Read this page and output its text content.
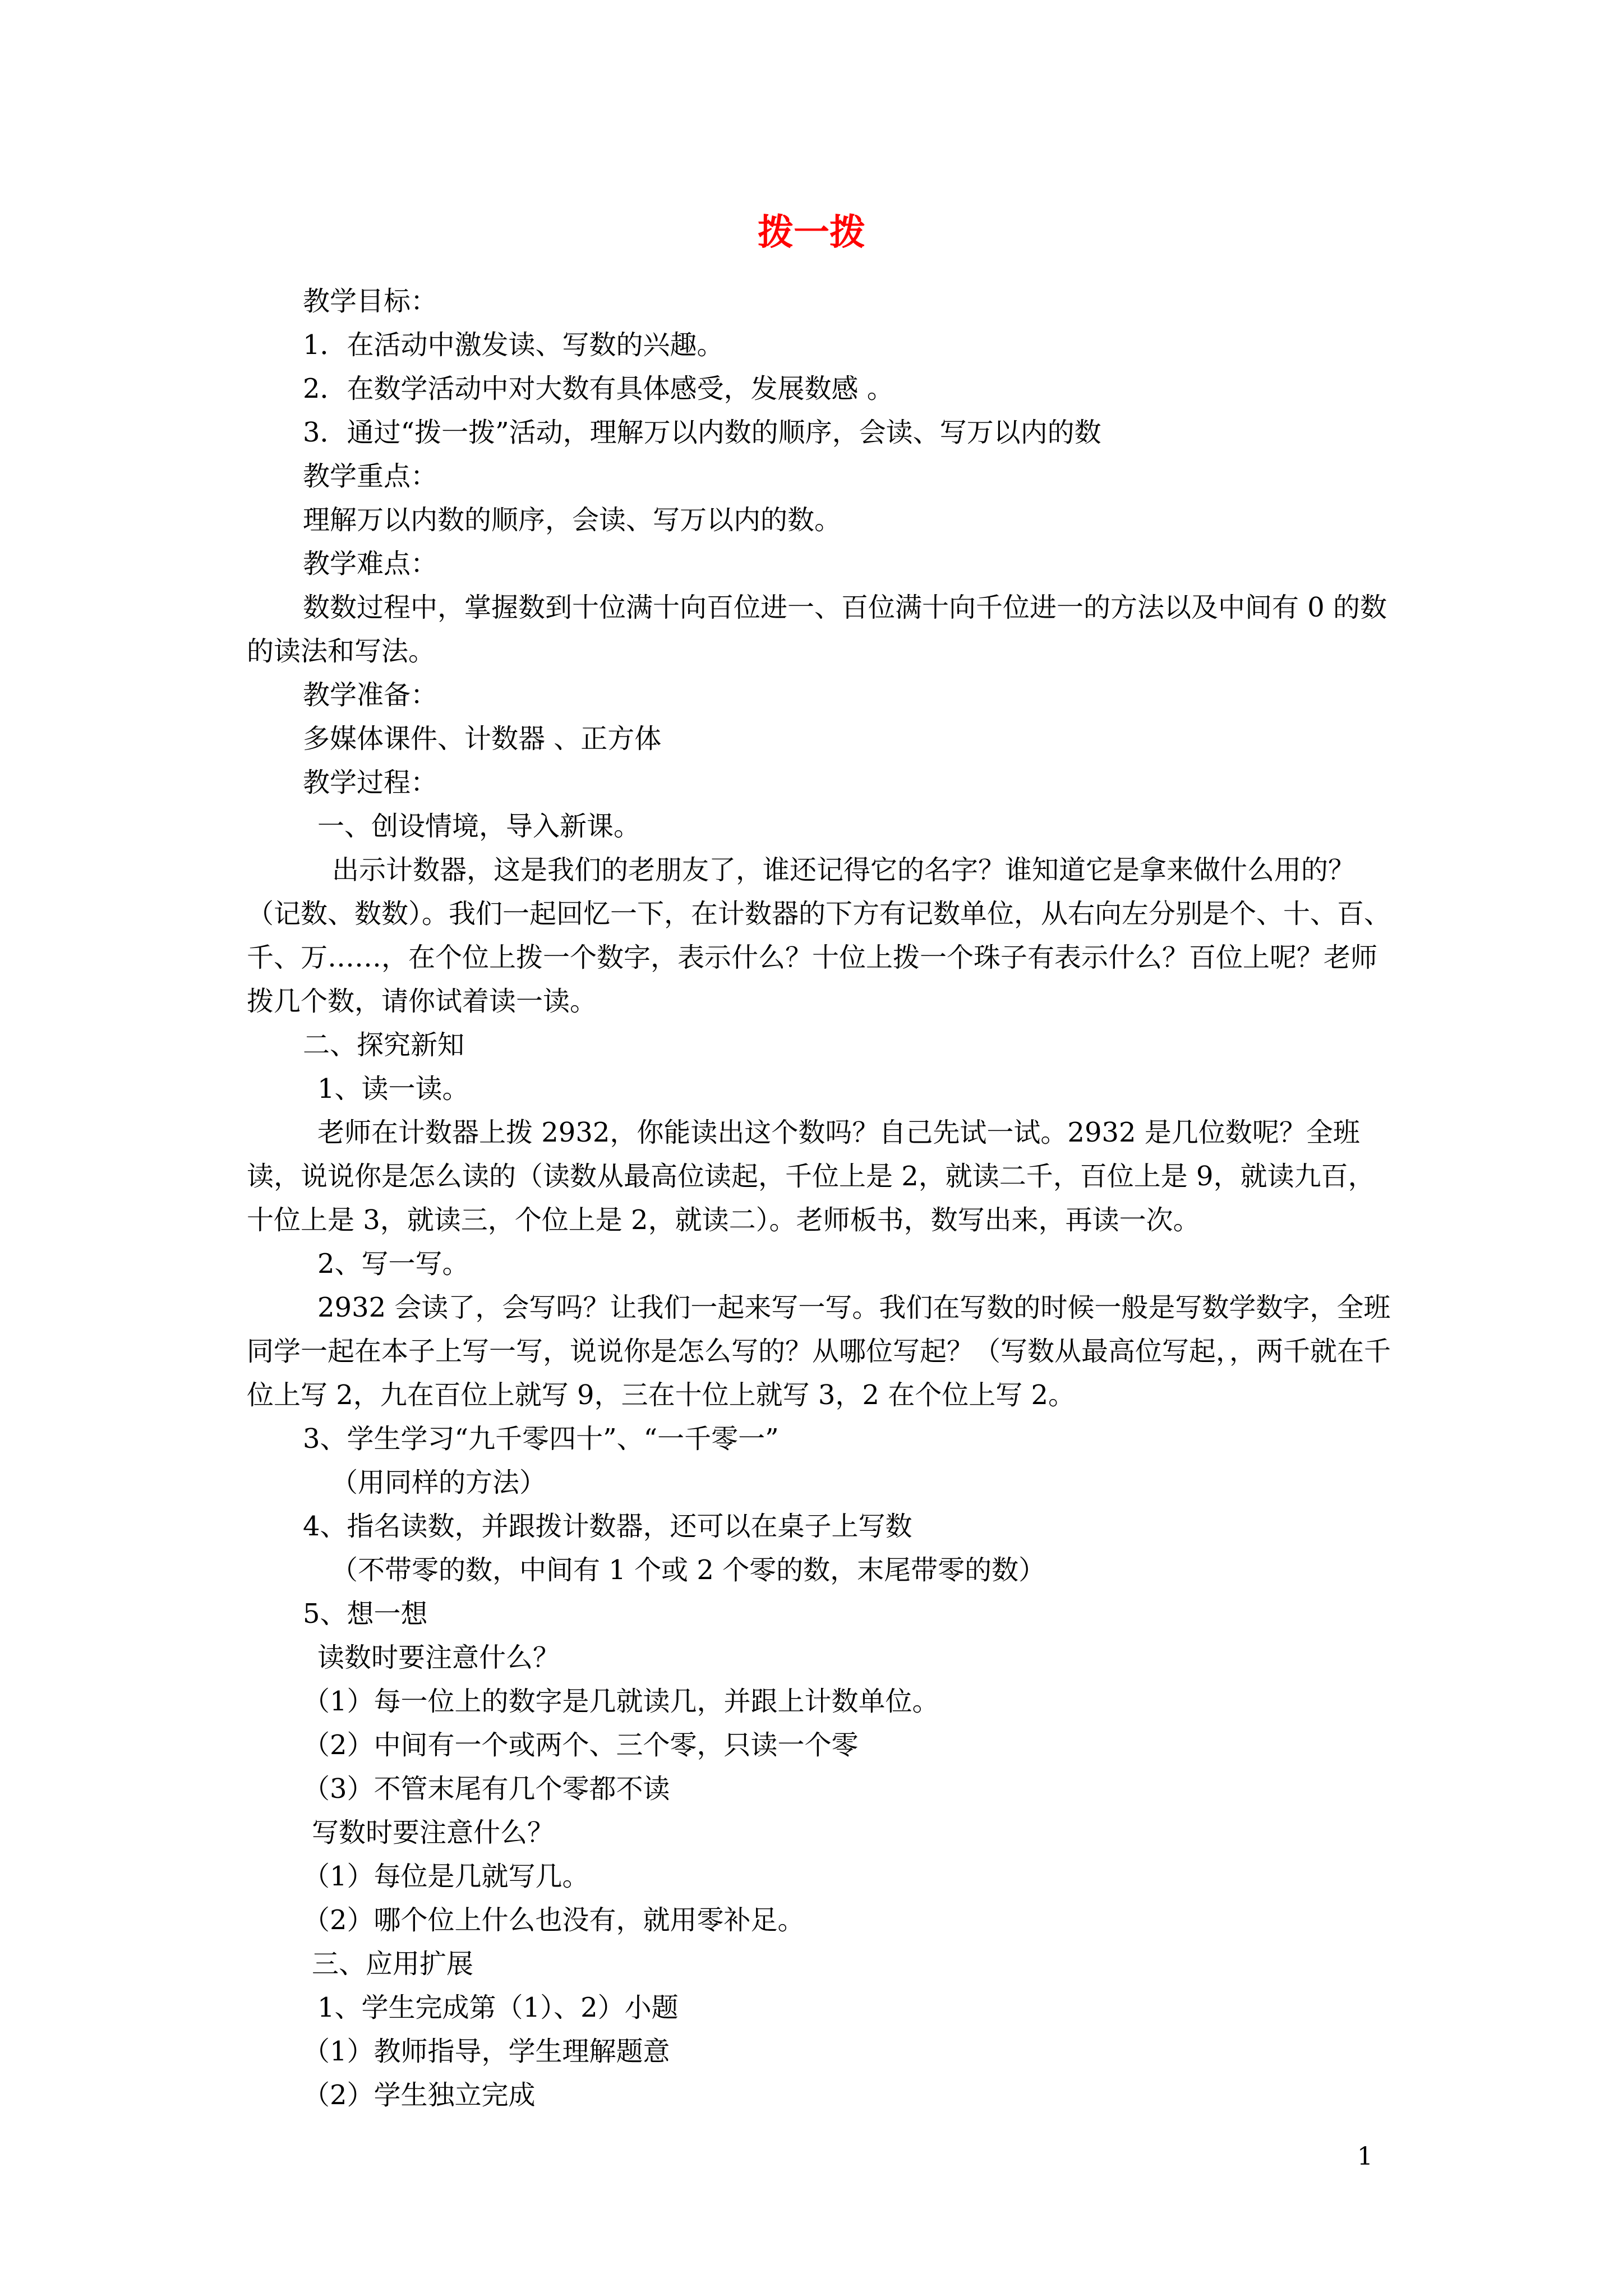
拨一拨

教学目标：

1．在活动中激发读、写数的兴趣。

2．在数学活动中对大数有具体感受，发展数感 。

3．通过“拨一拨”活动，理解万以内数的顺序，会读、写万以内的数

教学重点：

理解万以内数的顺序，会读、写万以内的数。

教学难点：

数数过程中，掌握数到十位满十向百位进一、百位满十向千位进一的方法以及中间有 0 的数的读法和写法。

教学准备：

多媒体课件、计数器 、正方体

教学过程：

一、创设情境，导入新课。

出示计数器，这是我们的老朋友了，谁还记得它的名字？谁知道它是拿来做什么用的？（记数、数数）。我们一起回忆一下，在计数器的下方有记数单位，从右向左分别是个、十、百、千、万……，在个位上拨一个数字，表示什么？十位上拨一个珠子有表示什么？百位上呢？老师拨几个数，请你试着读一读。

二、探究新知

1、读一读。

老师在计数器上拨 2932，你能读出这个数吗？自己先试一试。2932 是几位数呢？全班读，说说你是怎么读的（读数从最高位读起，千位上是 2，就读二千，百位上是 9，就读九百，十位上是 3，就读三，个位上是 2，就读二）。老师板书，数写出来，再读一次。

2、写一写。

2932 会读了，会写吗？让我们一起来写一写。我们在写数的时候一般是写数学数字，全班同学一起在本子上写一写，说说你是怎么写的？从哪位写起？（写数从最高位写起，，两千就在千位上写 2，九在百位上就写 9，三在十位上就写 3，2 在个位上写 2。

3、学生学习“九千零四十”、“一千零一”

（用同样的方法）

4、指名读数，并跟拨计数器，还可以在桌子上写数

（不带零的数，中间有 1 个或 2 个零的数，末尾带零的数）

5、想一想

读数时要注意什么？

（1）每一位上的数字是几就读几，并跟上计数单位。

（2）中间有一个或两个、三个零，只读一个零

（3）不管末尾有几个零都不读

写数时要注意什么？

（1）每位是几就写几。

（2）哪个位上什么也没有，就用零补足。

三、应用扩展

1、学生完成第（1）、2）小题

（1）教师指导，学生理解题意

（2）学生独立完成

1
